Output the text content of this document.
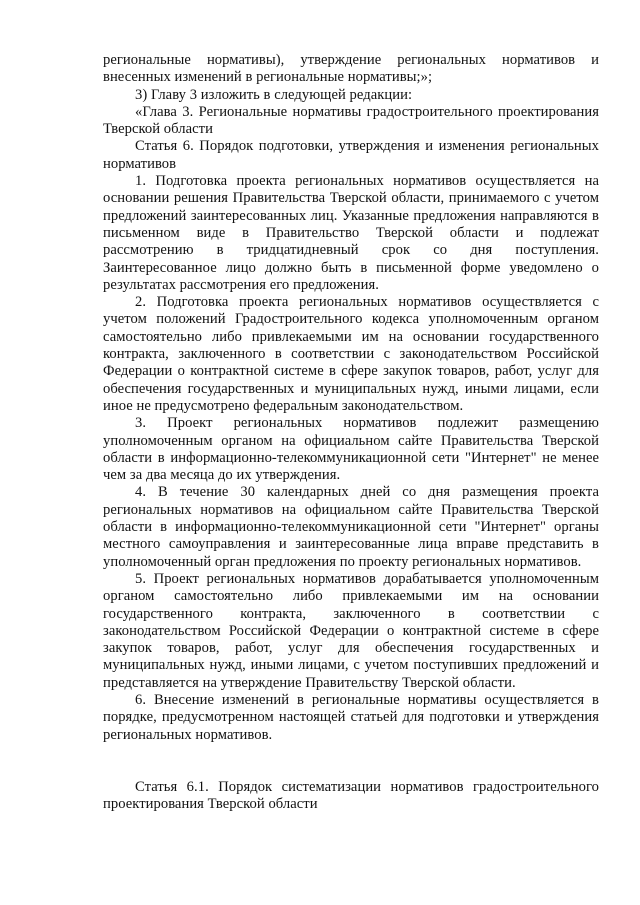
региональные нормативы), утверждение региональных нормативов и внесенных изменений в региональные нормативы;»;

3) Главу 3 изложить в следующей редакции:

«Глава 3. Региональные нормативы градостроительного проектирования Тверской области

Статья 6. Порядок подготовки, утверждения и изменения региональных нормативов

1. Подготовка проекта региональных нормативов осуществляется на основании решения Правительства Тверской области, принимаемого с учетом предложений заинтересованных лиц. Указанные предложения направляются в письменном виде в Правительство Тверской области и подлежат рассмотрению в тридцатидневный срок со дня поступления. Заинтересованное лицо должно быть в письменной форме уведомлено о результатах рассмотрения его предложения.

2. Подготовка проекта региональных нормативов осуществляется с учетом положений Градостроительного кодекса уполномоченным органом самостоятельно либо привлекаемыми им на основании государственного контракта, заключенного в соответствии с законодательством Российской Федерации о контрактной системе в сфере закупок товаров, работ, услуг для обеспечения государственных и муниципальных нужд, иными лицами, если иное не предусмотрено федеральным законодательством.

3. Проект региональных нормативов подлежит размещению уполномоченным органом на официальном сайте Правительства Тверской области в информационно-телекоммуникационной сети "Интернет" не менее чем за два месяца до их утверждения.

4. В течение 30 календарных дней со дня размещения проекта региональных нормативов на официальном сайте Правительства Тверской области в информационно-телекоммуникационной сети "Интернет" органы местного самоуправления и заинтересованные лица вправе представить в уполномоченный орган предложения по проекту региональных нормативов.

5. Проект региональных нормативов дорабатывается уполномоченным органом самостоятельно либо привлекаемыми им на основании государственного контракта, заключенного в соответствии с законодательством Российской Федерации о контрактной системе в сфере закупок товаров, работ, услуг для обеспечения государственных и муниципальных нужд, иными лицами, с учетом поступивших предложений и представляется на утверждение Правительству Тверской области.

6. Внесение изменений в региональные нормативы осуществляется в порядке, предусмотренном настоящей статьей для подготовки и утверждения региональных нормативов.

Статья 6.1. Порядок систематизации нормативов градостроительного проектирования Тверской области
